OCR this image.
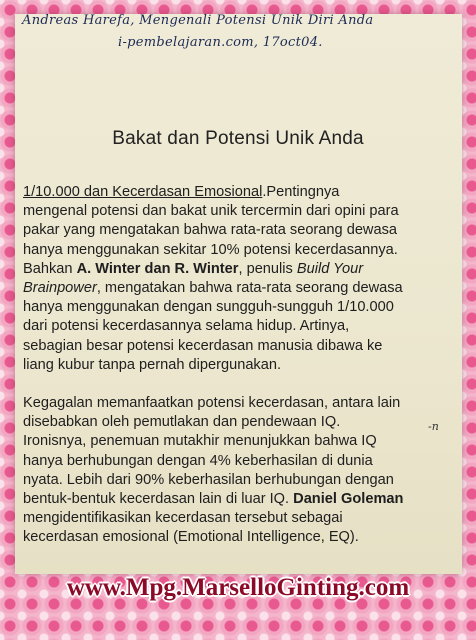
Andreas Harefa, Mengenali Potensi Unik Diri Anda
i-pembelajaran.com, 17oct04.
Bakat dan Potensi Unik Anda
1/10.000 dan Kecerdasan Emosional.Pentingnya
mengenal potensi dan bakat unik tercermin dari opini para
pakar yang mengatakan bahwa rata-rata seorang dewasa
hanya menggunakan sekitar 10% potensi kecerdasannya.
Bahkan A. Winter dan R. Winter, penulis Build Your
Brainpower, mengatakan bahwa rata-rata seorang dewasa
hanya menggunakan dengan sungguh-sungguh 1/10.000
dari potensi kecerdasannya selama hidup. Artinya,
sebagian besar potensi kecerdasan manusia dibawa ke
liang kubur tanpa pernah dipergunakan.
Kegagalan memanfaatkan potensi kecerdasan, antara lain
disebabkan oleh pemutlakan dan pendewaan IQ.
Ironisnya, penemuan mutakhir menunjukkan bahwa IQ
hanya berhubungan dengan 4% keberhasilan di dunia
nyata. Lebih dari 90% keberhasilan berhubungan dengan
bentuk-bentuk kecerdasan lain di luar IQ. Daniel Goleman
mengidentifikasikan kecerdasan tersebut sebagai
kecerdasan emosional (Emotional Intelligence, EQ).
-n
www.Mpg.MarselloGinting.com
